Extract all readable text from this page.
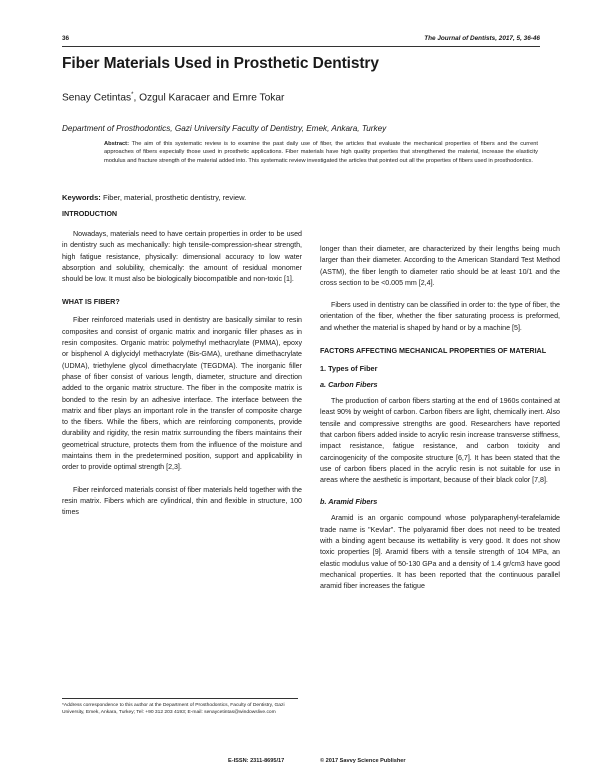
36	The Journal of Dentists, 2017, 5, 36-46
Fiber Materials Used in Prosthetic Dentistry
Senay Cetintas*, Ozgul Karacaer and Emre Tokar
Department of Prosthodontics, Gazi University Faculty of Dentistry, Emek, Ankara, Turkey

Abstract: The aim of this systematic review is to examine the past daily use of fiber, the articles that evaluate the mechanical properties of fibers and the current approaches of fibers especially those used in prosthetic applications. Fiber materials have high quality properties that strengthened the material, increase the elasticity modulus and fracture strength of the material added into. This systematic review investigated the articles that pointed out all the properties of fibers used in prosthodontics.

Keywords: Fiber, material, prosthetic dentistry, review.
INTRODUCTION

Nowadays, materials need to have certain properties in order to be used in dentistry such as mechanically: high tensile-compression-shear strength, high fatigue resistance, physically: dimensional accuracy to low water absorption and solubility, chemically: the amount of residual monomer should be low. It must also be biologically biocompatible and non-toxic [1].

WHAT IS FIBER?

Fiber reinforced materials used in dentistry are basically similar to resin composites and consist of organic matrix and inorganic filler phases as in resin composites. Organic matrix: polymethyl methacrylate (PMMA), epoxy or bisphenol A diglycidyl methacrylate (Bis-GMA), urethane dimethacrylate (UDMA), triethylene glycol dimethacrylate (TEGDMA). The inorganic filler phase of fiber consist of various length, diameter, structure and direction added to the organic matrix structure. The fiber in the composite matrix is bonded to the resin by an adhesive interface. The interface between the matrix and fiber plays an important role in the transfer of composite charge to the fibers. While the fibers, which are reinforcing components, provide durability and rigidity, the resin matrix surrounding the fibers maintains their geometrical structure, protects them from the influence of the moisture and maintains them in the predetermined position, support and applicability in order to provide optimal strength [2,3].

Fiber reinforced materials consist of fiber materials held together with the resin matrix. Fibers which are cylindrical, thin and flexible in structure, 100 times

longer than their diameter, are characterized by their lengths being much larger than their diameter. According to the American Standard Test Method (ASTM), the fiber length to diameter ratio should be at least 10/1 and the cross section to be <0.005 mm [2,4].

Fibers used in dentistry can be classified in order to: the type of fiber, the orientation of the fiber, whether the fiber saturating process is preformed, and whether the material is shaped by hand or by a machine [5].

FACTORS AFFECTING MECHANICAL PROPERTIES OF MATERIAL
1. Types of Fiber
a. Carbon Fibers

The production of carbon fibers starting at the end of 1960s contained at least 90% by weight of carbon. Carbon fibers are light, chemically inert. Also tensile and compressive strengths are good. Researchers have reported that carbon fibers added inside to acrylic resin increase transverse stiffness, impact resistance, fatigue resistance, and carbon toxicity and carcinogenicity of the composite structure [6,7]. It has been stated that the use of carbon fibers placed in the acrylic resin is not suitable for use in areas where the aesthetic is important, because of their black color [7,8].

b. Aramid Fibers

Aramid is an organic compound whose polyparaphenyl-terafelamide trade name is "Kevlar". The polyaramid fiber does not need to be treated with a binding agent because its wettability is very good. It does not show toxic properties [9]. Aramid fibers with a tensile strength of 104 MPa, an elastic modulus value of 50-130 GPa and a density of 1.4 gr/cm3 have good mechanical properties. It has been reported that the continuous parallel aramid fiber increases the fatigue

*Address correspondence to this author at the Department of Prosthodontics, Faculty of Dentistry, Gazi University, Emek, Ankara, Turkey; Tel: +90 312 203 4193; E-mail: senaycetintas@windowslive.com
E-ISSN: 2311-8695/17	© 2017 Savvy Science Publisher
